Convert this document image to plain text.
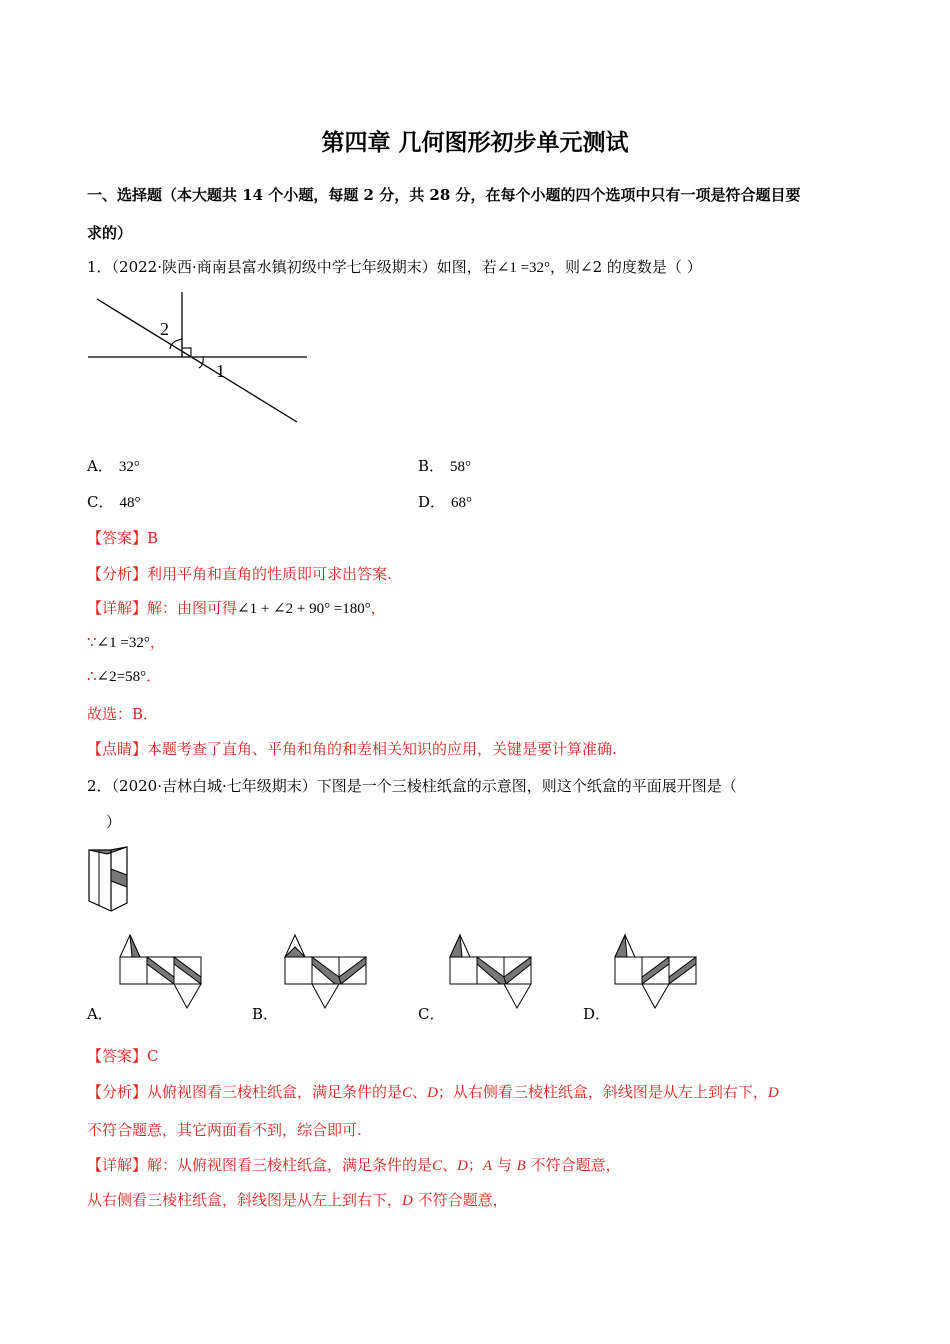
第四章 几何图形初步单元测试
一、选择题（本大题共 14 个小题，每题 2 分，共 28 分，在每个小题的四个选项中只有一项是符合题目要
求的）
1．（2022·陕西·商南县富水镇初级中学七年级期末）如图，若∠1 =32°，则∠2 的度数是（ ）
2
1
A． 32°	B． 58°
C． 48°	D． 68°
【答案】B
【分析】利用平角和直角的性质即可求出答案.
【详解】解：由图可得∠1 + ∠2 + 90° =180°，
∵∠1 =32°，
∴∠2=58°．
故选：B．
【点睛】本题考查了直角、平角和角的和差相关知识的应用，关键是要计算准确.
2．（2020·吉林白城·七年级期末）下图是一个三棱柱纸盒的示意图，则这个纸盒的平面展开图是（
）
A．	B．	C．	D．
【答案】C
【分析】从俯视图看三棱柱纸盒，满足条件的是C、D；从右侧看三棱柱纸盒，斜线图是从左上到右下，D
不符合题意，其它两面看不到，综合即可.
【详解】解：从俯视图看三棱柱纸盒，满足条件的是C、D；A 与 B 不符合题意，
从右侧看三棱柱纸盒，斜线图是从左上到右下，D 不符合题意，
